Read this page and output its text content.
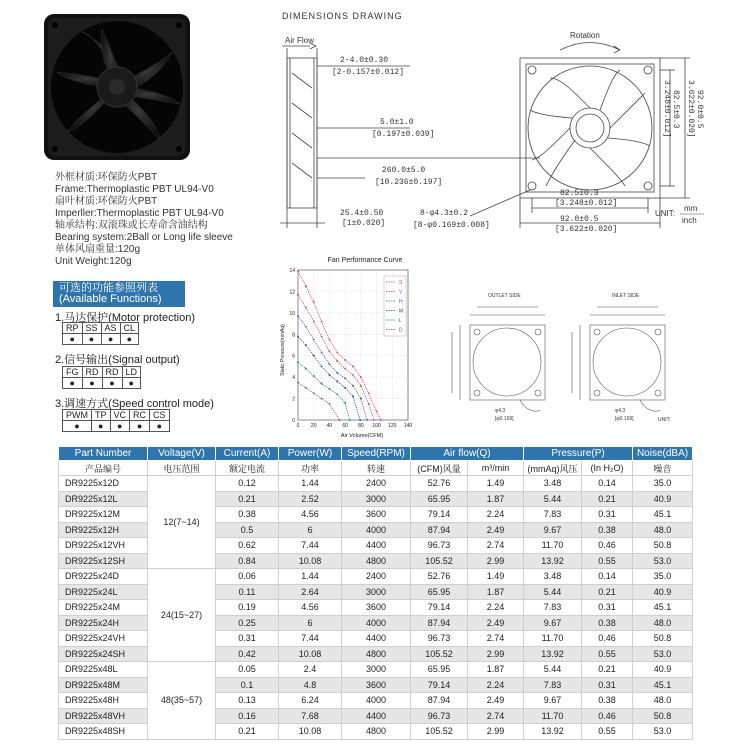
外框材质:环保防火PBT
Frame:Thermoplastic PBT UL94-V0
扇叶材质:环保防火PBT
Imperller:Thermoplastic PBT UL94-V0
轴承结构:双滚珠或长寿命含油结构
Bearing system:2Ball or Long life sleeve
单体风扇重量:120g
Unit Weight:120g
可选的功能参照列表
(Available Functions)
1.马达保护(Motor protection)
RP	SS	AS	CL
●	●	●	●
2.信号输出(Signal output)
FG	RD	RD	LD
●	●	●	●
3.调速方式(Speed control mode)
PWM	TP	VC	RC	CS
●	●	●	●	●
DIMENSIONS DRAWING
Air Flow
Rotation
2-4.0±0.30
[2-0.157±0.012]
5.0±1.0
[0.197±0.039]
260.0±5.0
[10.236±0.197]
25.4±0.50
[1±0.020]
8-φ4.3±0.2
[8-φ0.169±0.008]
82.5±0.3
[3.248±0.012]
92.0±0.5
[3.622±0.020]
82.5±0.3
3.248±0.012]	92.0±0.5
3.622±0.020]
UNIT:
mm
inch
OUTLET SIDE	INLET SIDE
φ4.3
[φ0.169]
φ4.3
[φ0.169]	UNIT:
Fan Performance Curve
0 20 40 60 80 100 120 140
0
2
4
6
8
10
12
14
S
V
H
M
L
D
Air Volume(CFM)
Static Pressure(mmAq)
Part Number	Voltage(V)	Current(A)	Power(W)	Speed(RPM)	Air flow(Q)		Pressure(P)		Noise(dBA)
产品编号	电压范围	额定电流	功率	转速	(CFM)风量	m³/min	(mmAq)风压	(In H₂O)	噪音
DR9225x12D	12(7~14)	0.12	1.44	2400	52.76	1.49	3.48	0.14	35.0
DR9225x12L		0.21	2.52	3000	65.95	1.87	5.44	0.21	40.9
DR9225x12M		0.38	4.56	3600	79.14	2.24	7.83	0.31	45.1
DR9225x12H		0.5	6	4000	87.94	2.49	9.67	0.38	48.0
DR9225x12VH		0.62	7.44	4400	96.73	2.74	11.70	0.46	50.8
DR9225x12SH		0.84	10.08	4800	105.52	2.99	13.92	0.55	53.0
DR9225x24D	24(15~27)	0.06	1.44	2400	52.76	1.49	3.48	0.14	35.0
DR9225x24L		0.11	2.64	3000	65.95	1.87	5.44	0.21	40.9
DR9225x24M		0.19	4.56	3600	79.14	2.24	7.83	0.31	45.1
DR9225x24H		0.25	6	4000	87.94	2.49	9.67	0.38	48.0
DR9225x24VH		0.31	7.44	4400	96.73	2.74	11.70	0.46	50.8
DR9225x24SH		0.42	10.08	4800	105.52	2.99	13.92	0.55	53.0
DR9225x48L	48(35~57)	0.05	2.4	3000	65.95	1.87	5.44	0.21	40.9
DR9225x48M		0.1	4.8	3600	79.14	2.24	7.83	0.31	45.1
DR9225x48H		0.13	6.24	4000	87.94	2.49	9.67	0.38	48.0
DR9225x48VH		0.16	7.68	4400	96.73	2.74	11.70	0.46	50.8
DR9225x48SH		0.21	10.08	4800	105.52	2.99	13.92	0.55	53.0
